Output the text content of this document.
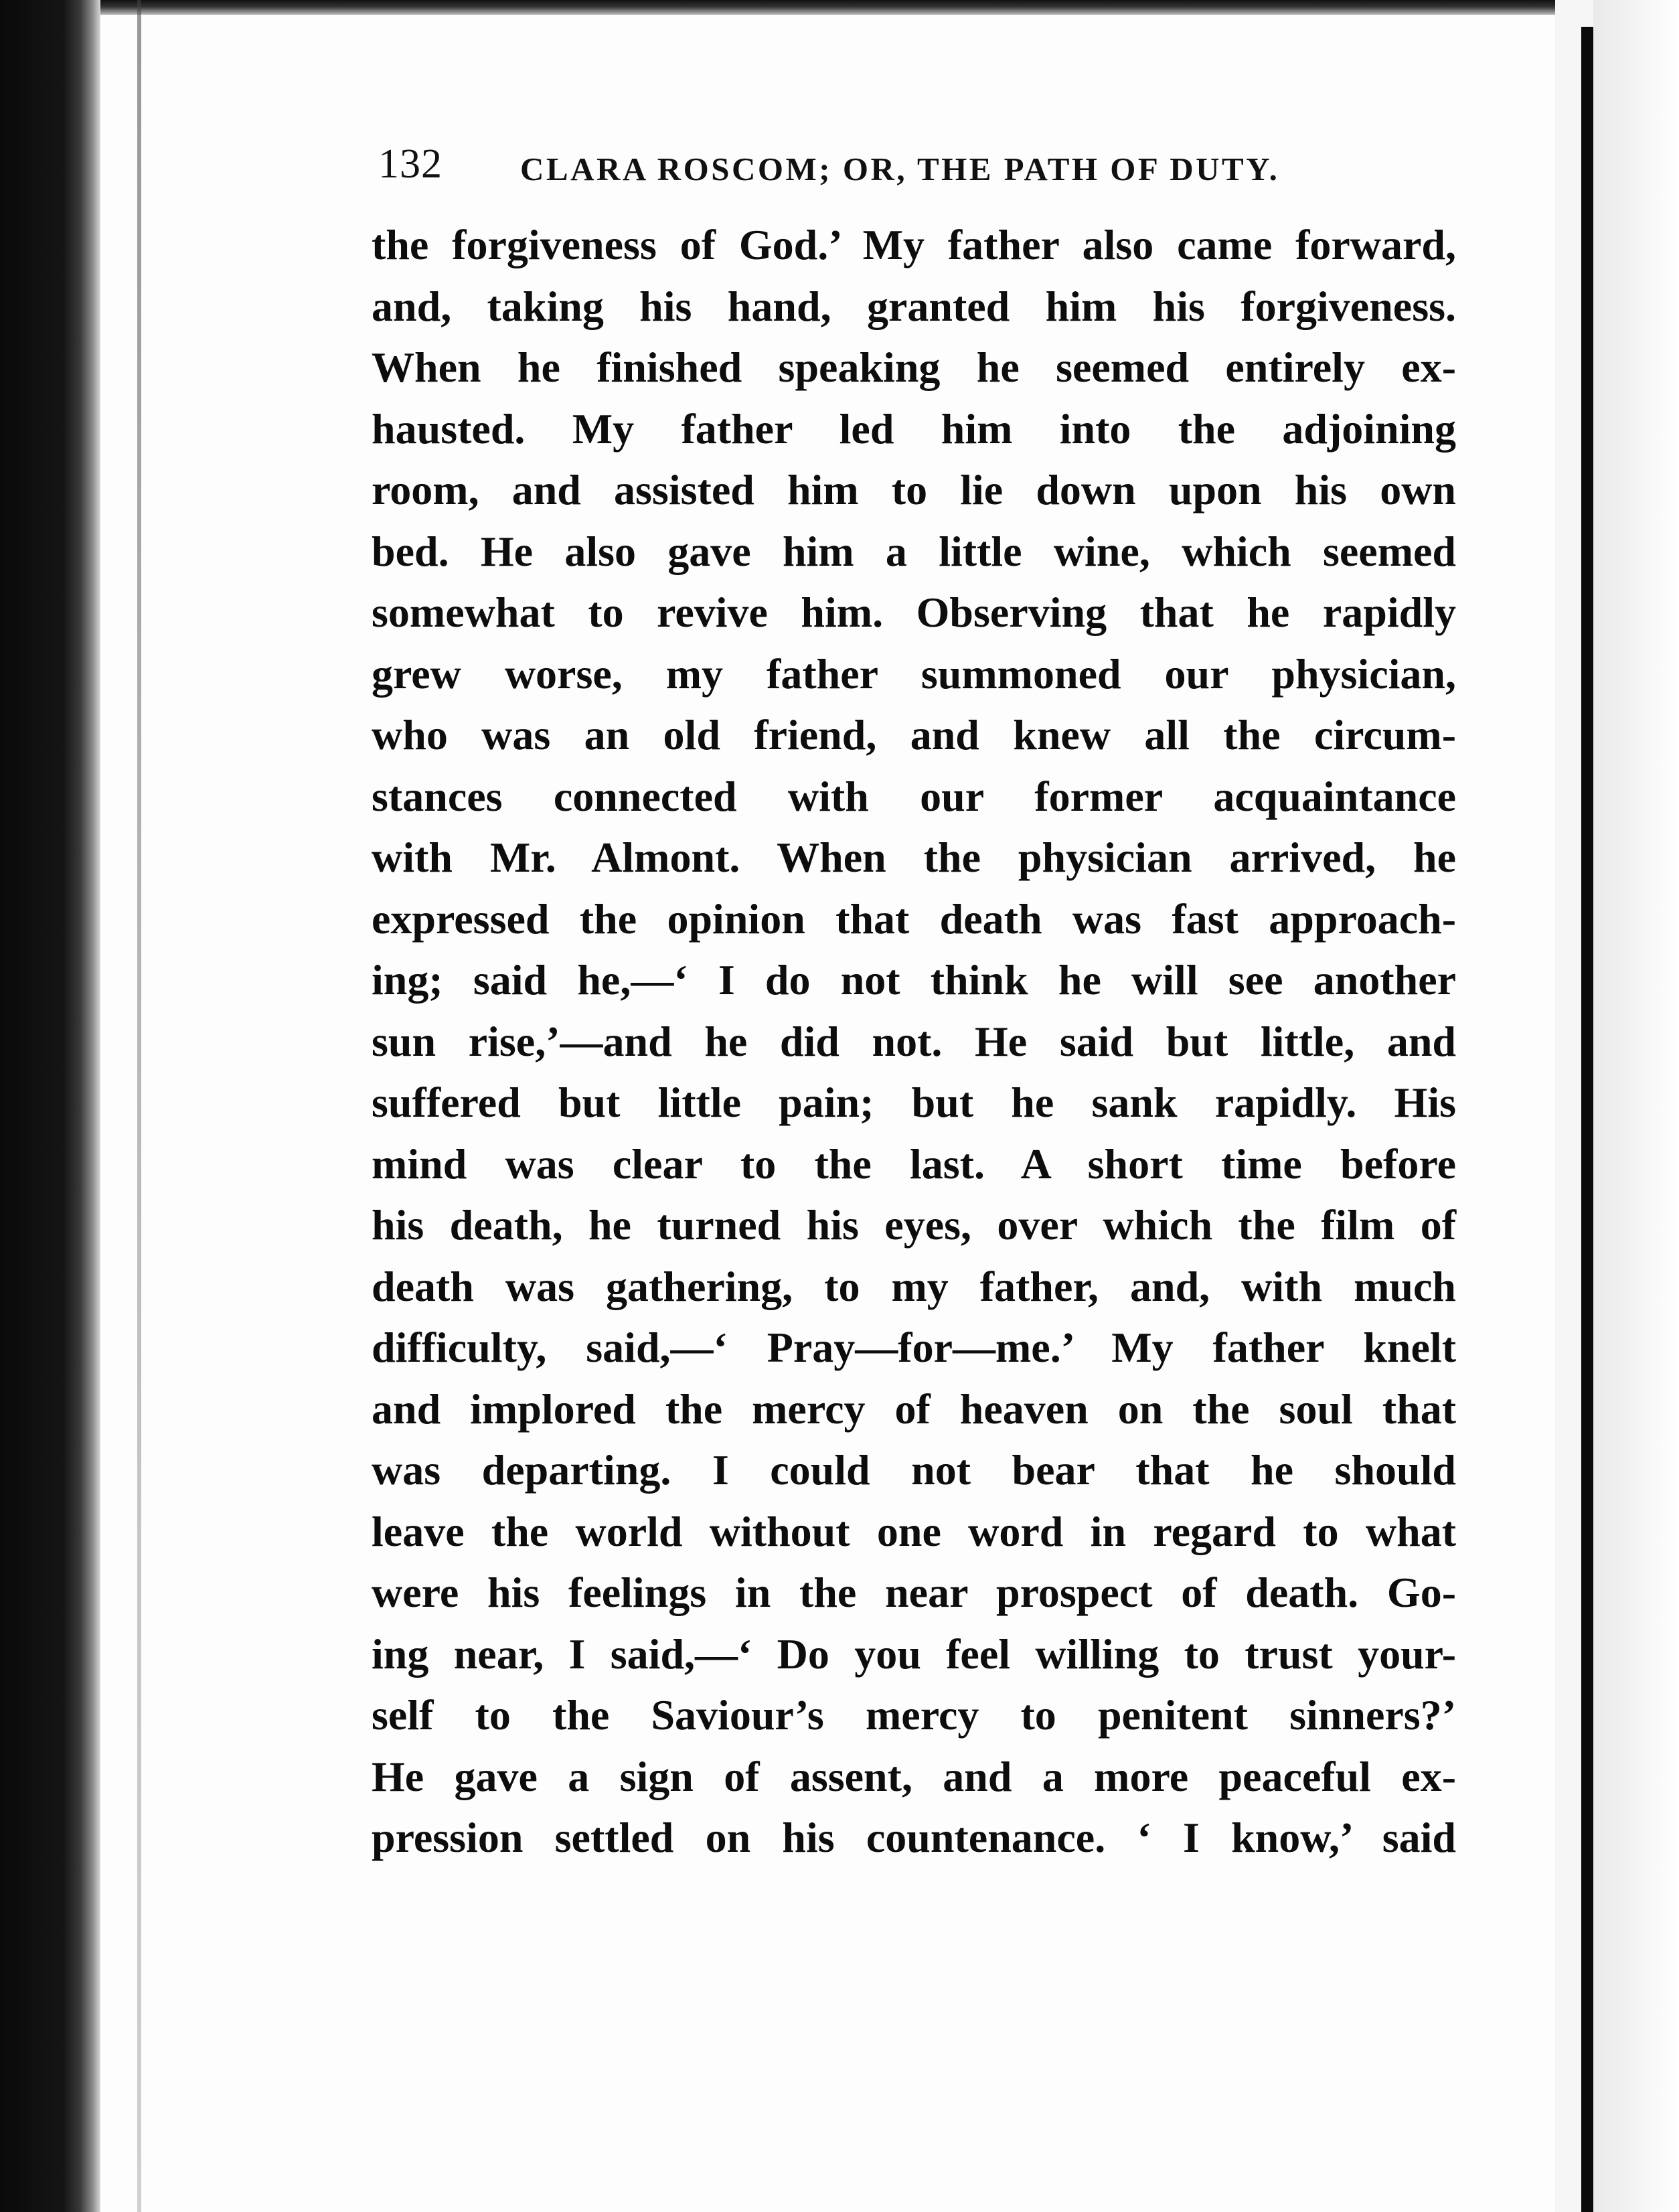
132 CLARA ROSCOM; OR, THE PATH OF DUTY.
the forgiveness of God.’ My father also came forward,
and, taking his hand, granted him his forgiveness.
When he finished speaking he seemed entirely ex-
hausted. My father led him into the adjoining
room, and assisted him to lie down upon his own
bed. He also gave him a little wine, which seemed
somewhat to revive him. Observing that he rapidly
grew worse, my father summoned our physician,
who was an old friend, and knew all the circum-
stances connected with our former acquaintance
with Mr. Almont. When the physician arrived, he
expressed the opinion that death was fast approach-
ing; said he,—‘ I do not think he will see another
sun rise,’—and he did not. He said but little, and
suffered but little pain; but he sank rapidly. His
mind was clear to the last. A short time before
his death, he turned his eyes, over which the film of
death was gathering, to my father, and, with much
difficulty, said,—‘ Pray—for—me.’ My father knelt
and implored the mercy of heaven on the soul that
was departing. I could not bear that he should
leave the world without one word in regard to what
were his feelings in the near prospect of death. Go-
ing near, I said,—‘ Do you feel willing to trust your-
self to the Saviour’s mercy to penitent sinners?’
He gave a sign of assent, and a more peaceful ex-
pression settled on his countenance. ‘ I know,’ said
